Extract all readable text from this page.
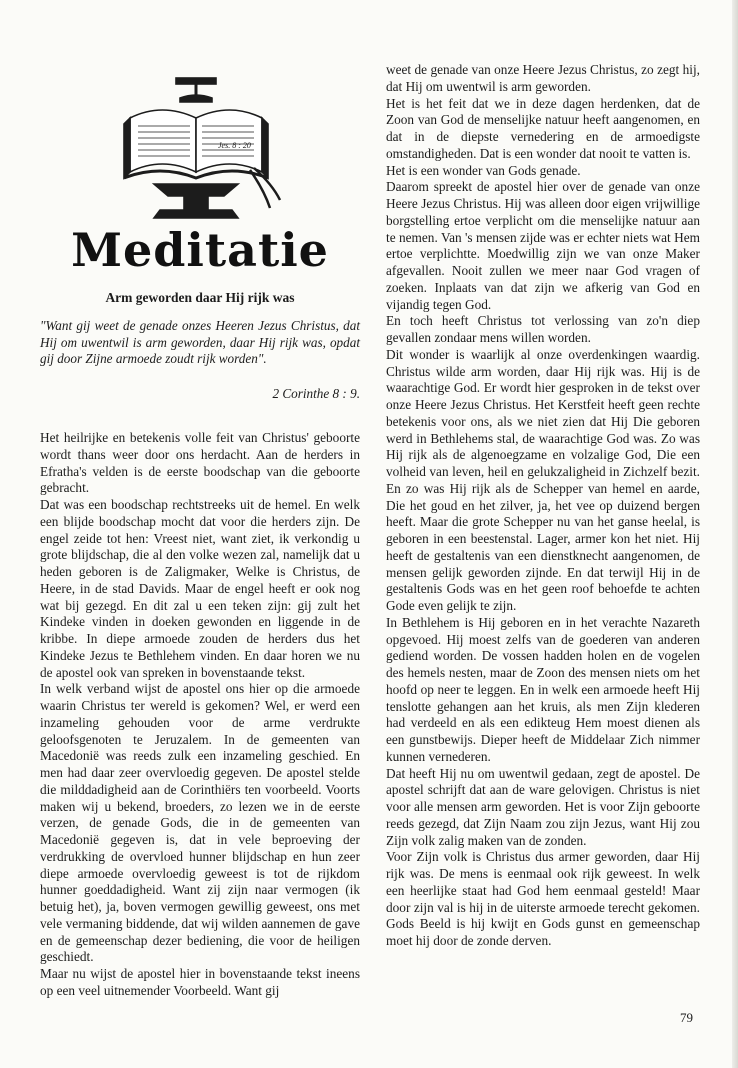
Jes. 8 : 20
Meditatie
Arm geworden daar Hij rijk was
"Want gij weet de genade onzes Heeren Jezus Christus, dat Hij om uwentwil is arm geworden, daar Hij rijk was, opdat gij door Zijne armoede zoudt rijk worden".
2 Corinthe 8 : 9.

Het heilrijke en betekenis volle feit van Christus' geboorte wordt thans weer door ons herdacht. Aan de herders in Efratha's velden is de eerste boodschap van die geboorte gebracht.

Dat was een boodschap rechtstreeks uit de hemel. En welk een blijde boodschap mocht dat voor die herders zijn. De engel zeide tot hen: Vreest niet, want ziet, ik verkondig u grote blijdschap, die al den volke wezen zal, namelijk dat u heden geboren is de Zaligmaker, Welke is Christus, de Heere, in de stad Davids. Maar de engel heeft er ook nog wat bij gezegd. En dit zal u een teken zijn: gij zult het Kindeke vinden in doeken gewonden en liggende in de kribbe. In diepe armoede zouden de herders dus het Kindeke Jezus te Bethlehem vinden. En daar horen we nu de apostel ook van spreken in bovenstaande tekst.

In welk verband wijst de apostel ons hier op die armoede waarin Christus ter wereld is gekomen? Wel, er werd een inzameling gehouden voor de arme verdrukte geloofsgenoten te Jeruzalem. In de gemeenten van Macedonië was reeds zulk een inzameling geschied. En men had daar zeer overvloedig gegeven. De apostel stelde die milddadigheid aan de Corinthiërs ten voorbeeld. Voorts maken wij u bekend, broeders, zo lezen we in de eerste verzen, de genade Gods, die in de gemeenten van Macedonië gegeven is, dat in vele beproeving der verdrukking de overvloed hunner blijdschap en hun zeer diepe armoede overvloedig geweest is tot de rijkdom hunner goeddadigheid. Want zij zijn naar vermogen (ik betuig het), ja, boven vermogen gewillig geweest, ons met vele vermaning biddende, dat wij wilden aannemen de gave en de gemeenschap dezer bediening, die voor de heiligen geschiedt.

Maar nu wijst de apostel hier in bovenstaande tekst ineens op een veel uitnemender Voorbeeld. Want gij

weet de genade van onze Heere Jezus Christus, zo zegt hij, dat Hij om uwentwil is arm geworden.

Het is het feit dat we in deze dagen herdenken, dat de Zoon van God de menselijke natuur heeft aangenomen, en dat in de diepste vernedering en de armoedigste omstandigheden. Dat is een wonder dat nooit te vatten is.

Het is een wonder van Gods genade.

Daarom spreekt de apostel hier over de genade van onze Heere Jezus Christus. Hij was alleen door eigen vrijwillige borgstelling ertoe verplicht om die menselijke natuur aan te nemen. Van 's mensen zijde was er echter niets wat Hem ertoe verplichtte. Moedwillig zijn we van onze Maker afgevallen. Nooit zullen we meer naar God vragen of zoeken. Inplaats van dat zijn we afkerig van God en vijandig tegen God.

En toch heeft Christus tot verlossing van zo'n diep gevallen zondaar mens willen worden.

Dit wonder is waarlijk al onze overdenkingen waardig. Christus wilde arm worden, daar Hij rijk was. Hij is de waarachtige God. Er wordt hier gesproken in de tekst over onze Heere Jezus Christus. Het Kerstfeit heeft geen rechte betekenis voor ons, als we niet zien dat Hij Die geboren werd in Bethlehems stal, de waarachtige God was. Zo was Hij rijk als de algenoegzame en volzalige God, Die een volheid van leven, heil en gelukzaligheid in Zichzelf bezit. En zo was Hij rijk als de Schepper van hemel en aarde, Die het goud en het zilver, ja, het vee op duizend bergen heeft. Maar die grote Schepper nu van het ganse heelal, is geboren in een beestenstal. Lager, armer kon het niet. Hij heeft de gestaltenis van een dienstknecht aangenomen, de mensen gelijk geworden zijnde. En dat terwijl Hij in de gestaltenis Gods was en het geen roof behoefde te achten Gode even gelijk te zijn.

In Bethlehem is Hij geboren en in het verachte Nazareth opgevoed. Hij moest zelfs van de goederen van anderen gediend worden. De vossen hadden holen en de vogelen des hemels nesten, maar de Zoon des mensen niets om het hoofd op neer te leggen. En in welk een armoede heeft Hij tenslotte gehangen aan het kruis, als men Zijn klederen had verdeeld en als een edikteug Hem moest dienen als een gunstbewijs. Dieper heeft de Middelaar Zich nimmer kunnen vernederen.

Dat heeft Hij nu om uwentwil gedaan, zegt de apostel. De apostel schrijft dat aan de ware gelovigen. Christus is niet voor alle mensen arm geworden. Het is voor Zijn geboorte reeds gezegd, dat Zijn Naam zou zijn Jezus, want Hij zou Zijn volk zalig maken van de zonden.

Voor Zijn volk is Christus dus armer geworden, daar Hij rijk was. De mens is eenmaal ook rijk geweest. In welk een heerlijke staat had God hem eenmaal gesteld! Maar door zijn val is hij in de uiterste armoede terecht gekomen. Gods Beeld is hij kwijt en Gods gunst en gemeenschap moet hij door de zonde derven.

79
